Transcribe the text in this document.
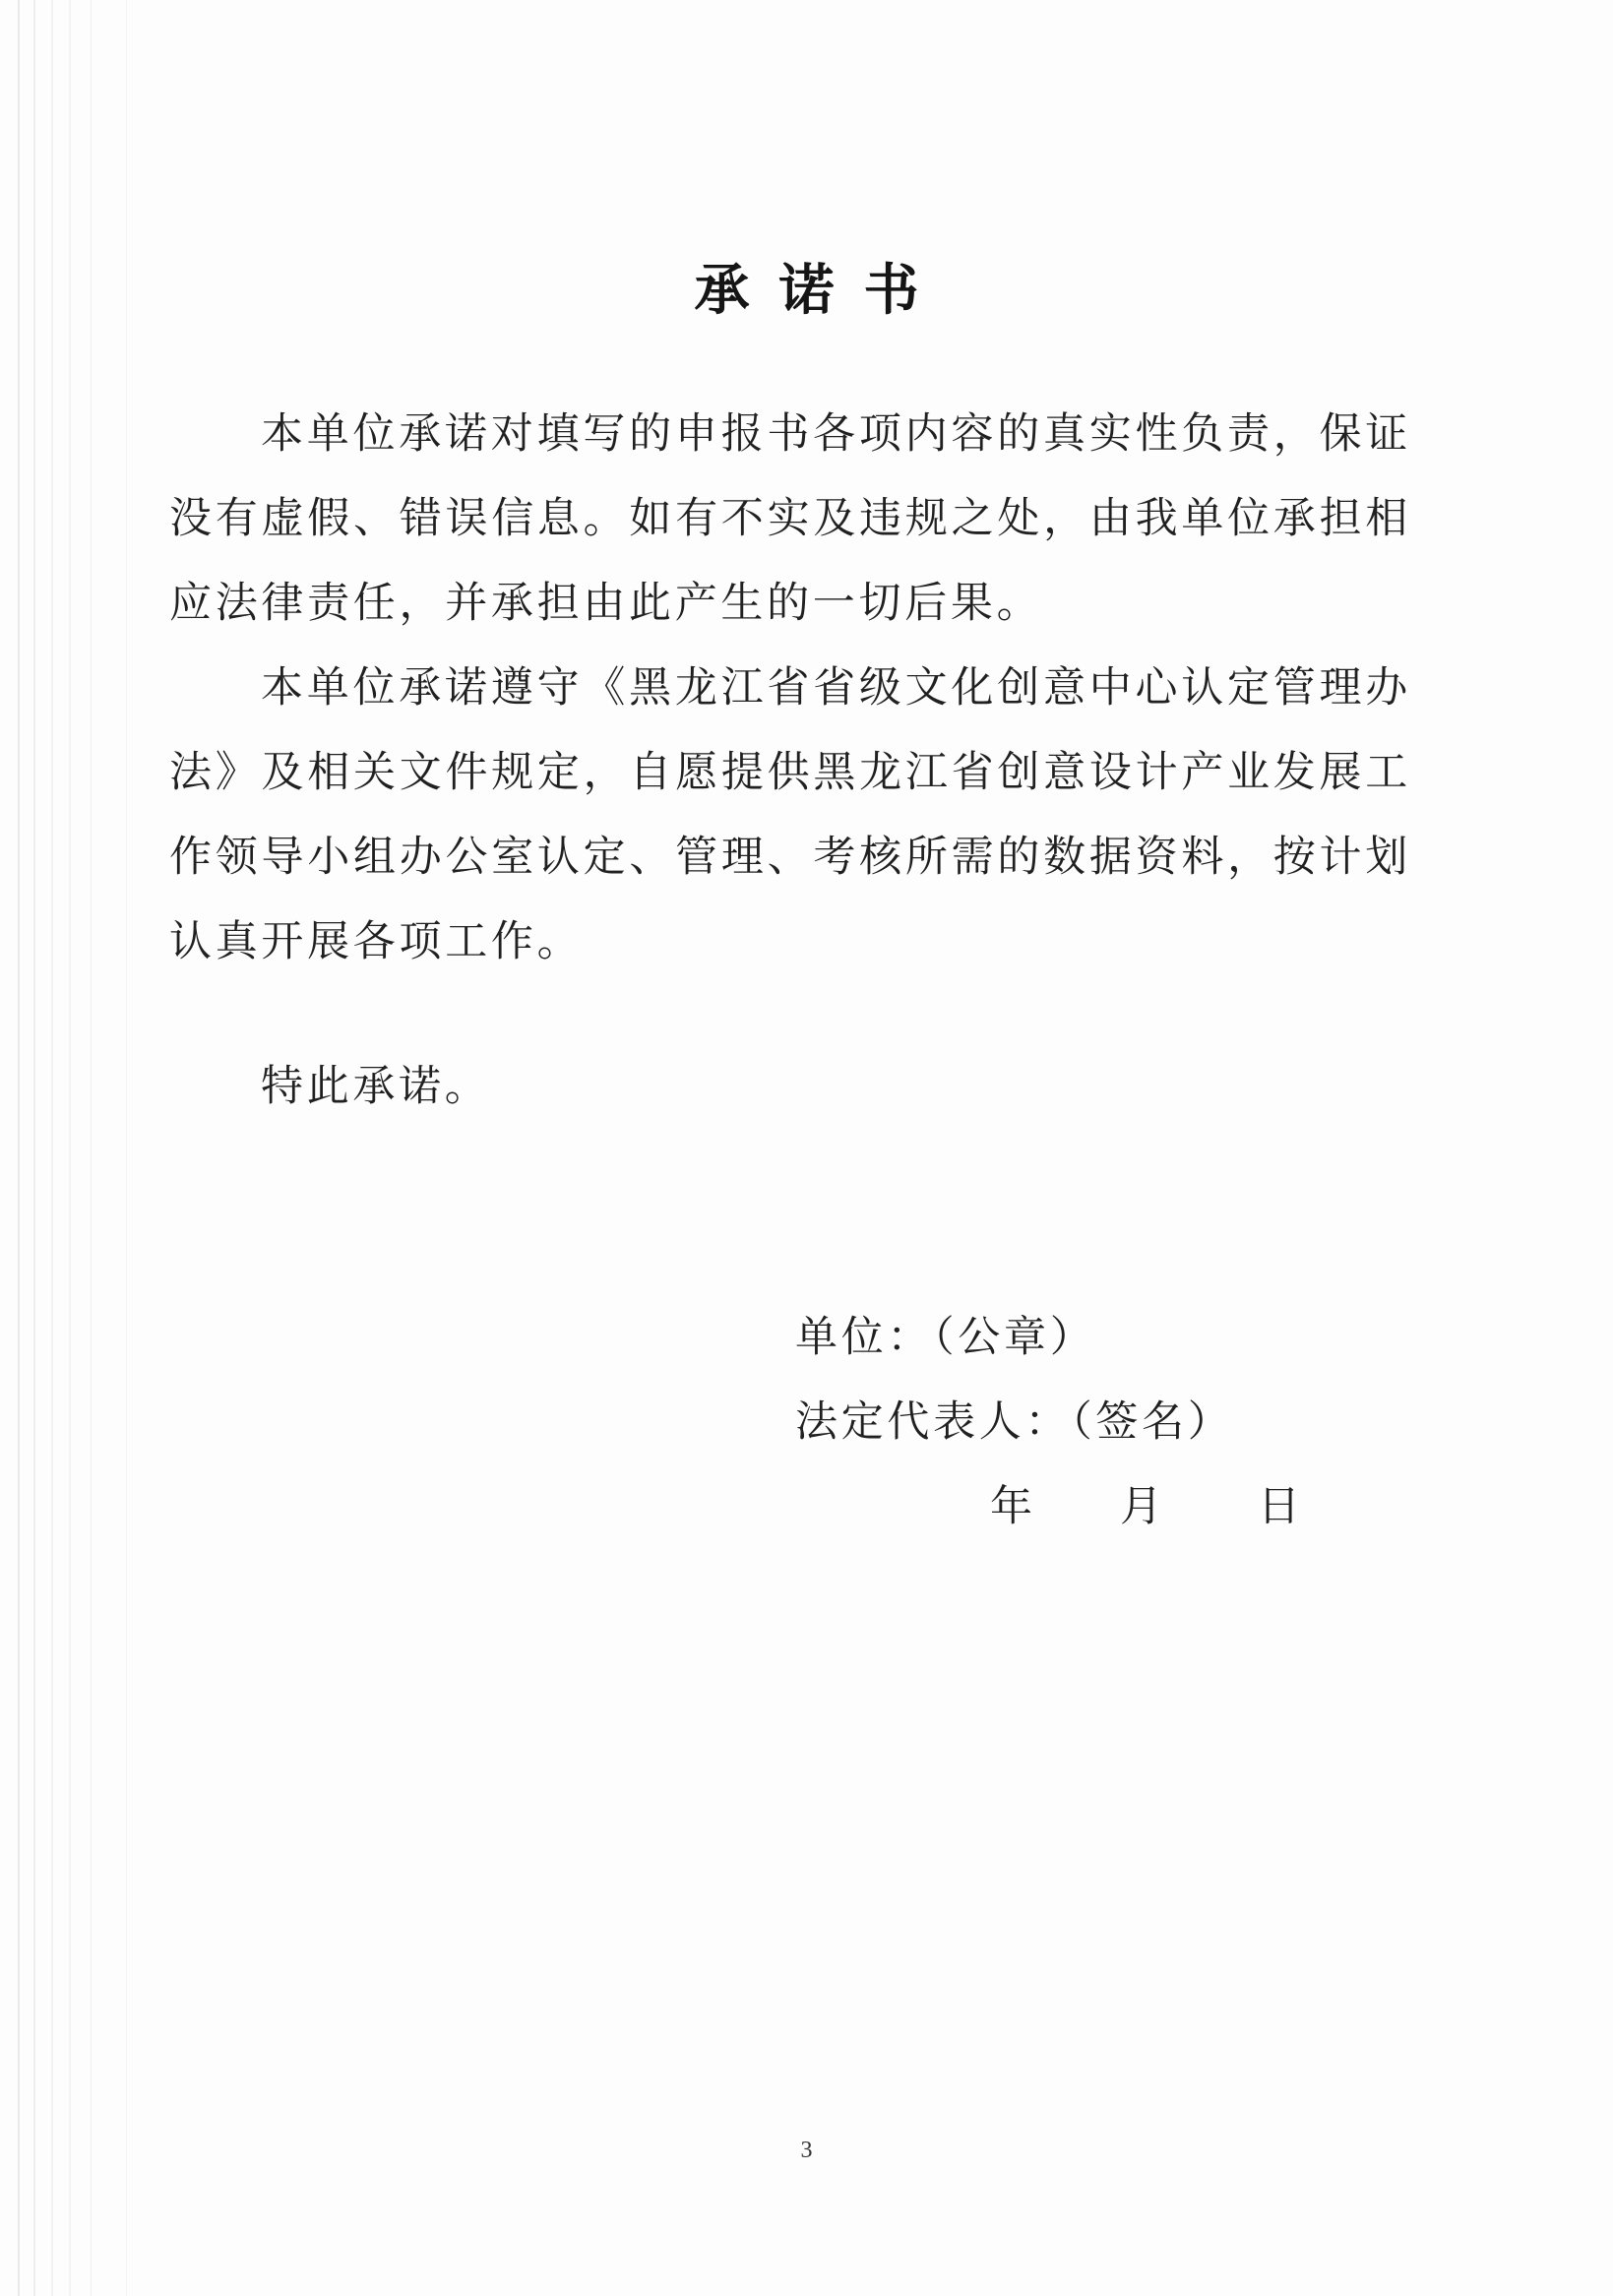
承诺书

本单位承诺对填写的申报书各项内容的真实性负责，保证没有虚假、错误信息。如有不实及违规之处，由我单位承担相应法律责任，并承担由此产生的一切后果。

本单位承诺遵守《黑龙江省省级文化创意中心认定管理办法》及相关文件规定，自愿提供黑龙江省创意设计产业发展工作领导小组办公室认定、管理、考核所需的数据资料，按计划认真开展各项工作。

特此承诺。

单位：（公章）
法定代表人：（签名）
年 月 日
3
